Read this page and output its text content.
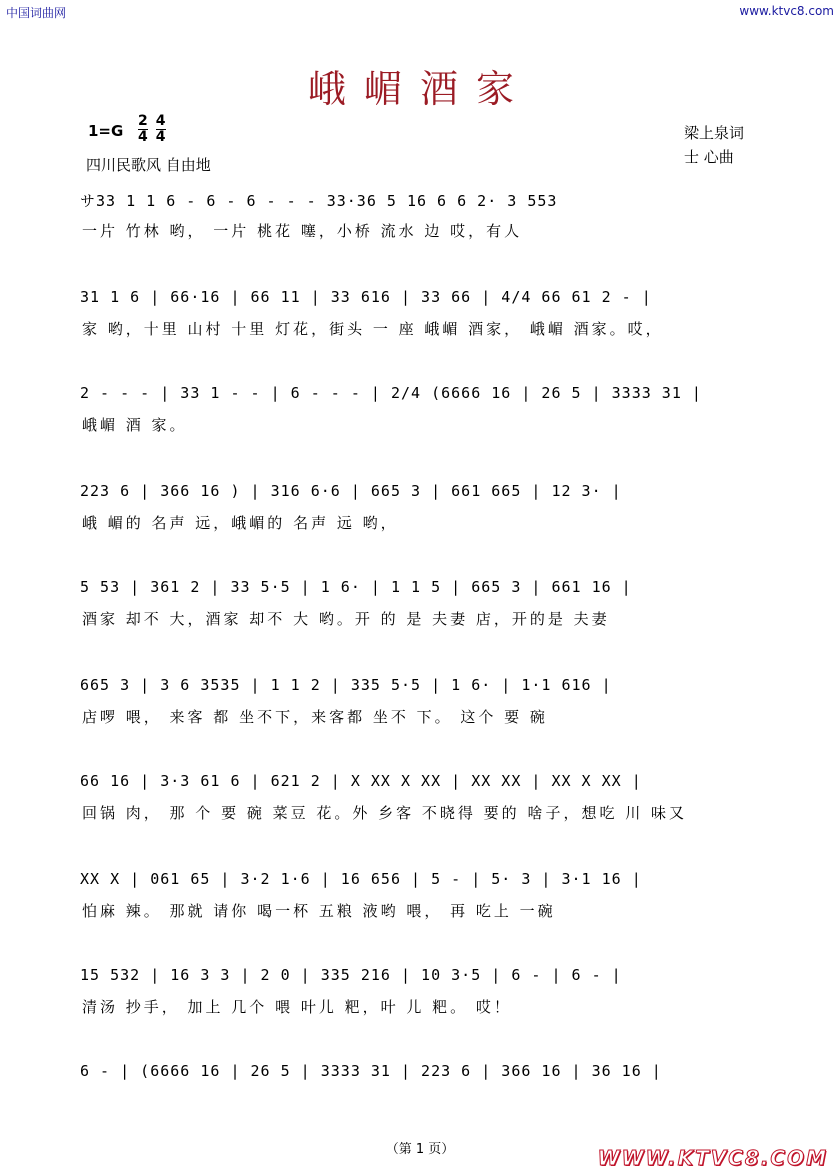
中国词曲网	www.ktvc8.com
峨嵋酒家
$1=G \frac{2}{4} \frac{4}{4}$
四川民歌风 自由地
梁上泉词
士 心曲
サ33 1 1 6 - 6 - 6 - - - 33·36 5 16 6 6 2· 3 553
一片 竹林 哟， 一片 桃花 噻，小桥 流水 边 哎，有人
31 1 6 | 66·16 | 66 11 | 33 616 | 33 66 | 4/4 66 61 2 - |
家 哟，十里 山村 十里 灯花，街头 一 座 峨嵋 酒家， 峨嵋 酒家。哎，
2 - - - | 33 1 - - | 6 - - - | 2/4 (6666 16 | 26 5 | 3333 31 |
峨嵋 酒 家。
223 6 | 366 16 ) | 316 6·6 | 665 3 | 661 665 | 12 3· |
峨 嵋的 名声 远，峨嵋的 名声 远 哟，
5 53 | 361 2 | 33 5·5 | 1 6· | 1 1 5 | 665 3 | 661 16 |
酒家 却不 大，酒家 却不 大 哟。开 的 是 夫妻 店，开的是 夫妻
665 3 | 3 6 3535 | 1 1 2 | 335 5·5 | 1 6· | 1·1 616 |
店啰 喂， 来客 都 坐不下，来客都 坐不 下。 这个 要 碗
66 16 | 3·3 61 6 | 621 2 | X XX X XX | XX XX | XX X XX |
回锅 肉， 那 个 要 碗 菜豆 花。外 乡客 不晓得 要的 啥子，想吃 川 味又
XX X | 061 65 | 3·2 1·6 | 16 656 | 5 - | 5· 3 | 3·1 16 |
怕麻 辣。 那就 请你 喝一杯 五粮 液哟 喂， 再 吃上 一碗
15 532 | 16 3 3 | 2 0 | 335 216 | 10 3·5 | 6 - | 6 - |
清汤 抄手， 加上 几个 喂 叶儿 粑，叶 儿 粑。 哎！
6 - | (6666 16 | 26 5 | 3333 31 | 223 6 | 366 16 | 36 16 |
（第 1 页）	WWW.KTVC8.COM
